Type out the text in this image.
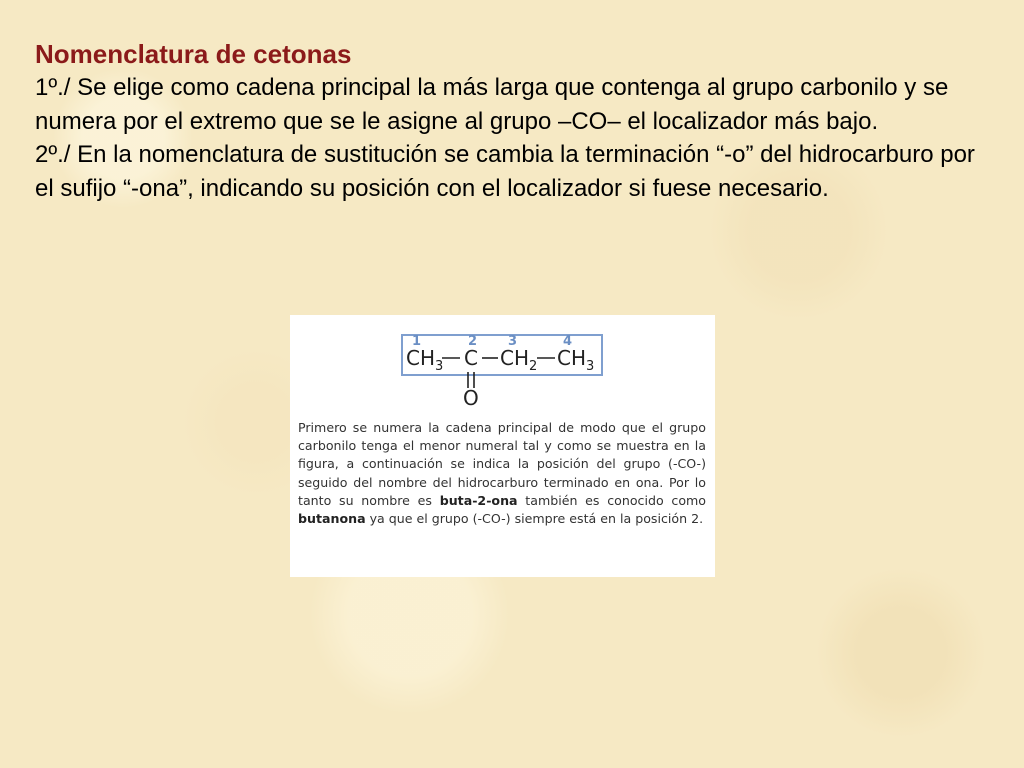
Nomenclatura de cetonas

1º./ Se elige como cadena principal la más larga que contenga al grupo carbonilo y se numera por el extremo que se le asigne al grupo –CO– el localizador más bajo.

2º./ En la nomenclatura de sustitución se cambia la terminación “-o” del hidrocarburo por el sufijo “-ona”, indicando su posición con el localizador si fuese necesario.

1	2 3	4
$CH_3$ C $CH_2$ $CH_3$
O
Primero se numera la cadena principal de modo que el grupo carbonilo tenga el menor numeral tal y como se muestra en la figura, a continuación se indica la posición del grupo (-CO-) seguido del nombre del hidrocarburo terminado en ona. Por lo tanto su nombre es buta-2-ona también es conocido como butanona ya que el grupo (-CO-) siempre está en la posición 2.
